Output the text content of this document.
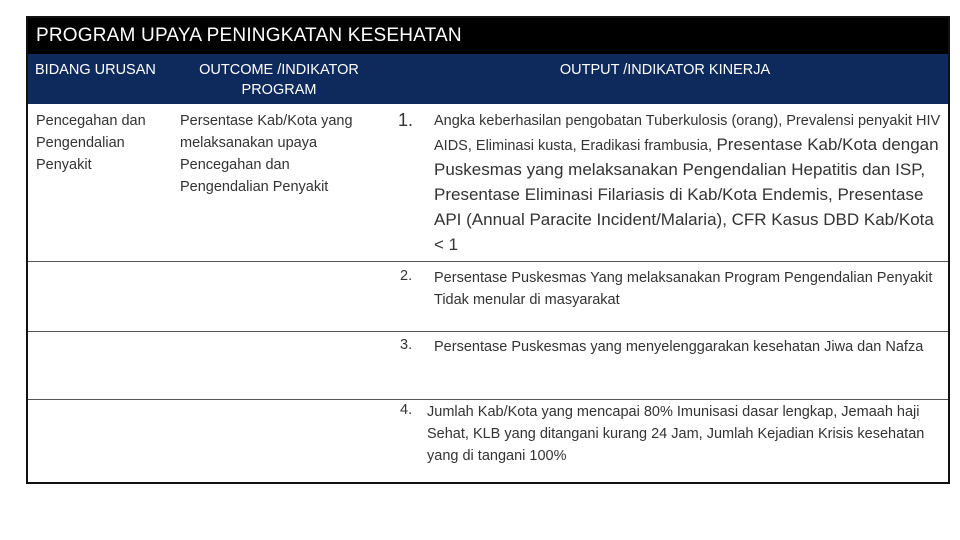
PROGRAM UPAYA PENINGKATAN KESEHATAN
BIDANG URUSAN	OUTCOME /INDIKATOR PROGRAM
OUTPUT /INDIKATOR KINERJA
Pencegahan dan Pengendalian Penyakit
Persentase Kab/Kota yang melaksanakan upaya Pencegahan dan Pengendalian Penyakit
1. Angka keberhasilan pengobatan Tuberkulosis (orang), Prevalensi penyakit HIV AIDS, Eliminasi kusta, Eradikasi frambusia, Presentase Kab/Kota dengan Puskesmas yang melaksanakan Pengendalian Hepatitis dan ISP, Presentase Eliminasi Filariasis di Kab/Kota Endemis, Presentase API (Annual Paracite Incident/Malaria), CFR Kasus DBD Kab/Kota < 1
2. Persentase Puskesmas Yang melaksanakan Program Pengendalian Penyakit Tidak menular di masyarakat
3. Persentase Puskesmas yang menyelenggarakan kesehatan Jiwa dan Nafza
4. Jumlah Kab/Kota yang mencapai 80% Imunisasi dasar lengkap, Jemaah haji Sehat, KLB yang ditangani kurang 24 Jam, Jumlah Kejadian Krisis kesehatan yang di tangani 100%
